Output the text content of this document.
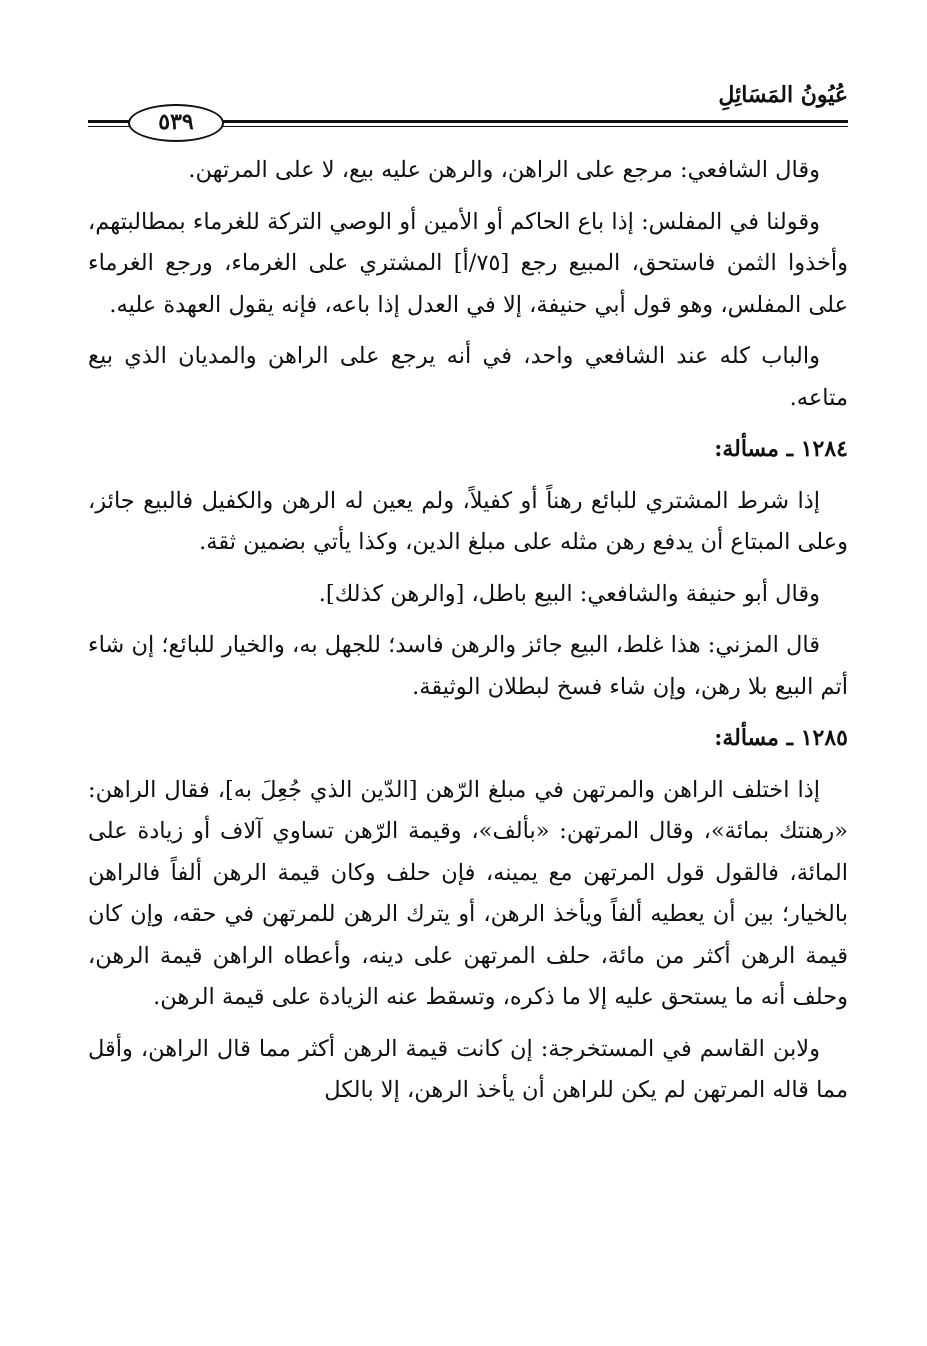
٥٣٩
عُيُونُ المَسَائِلِ

وقال الشافعي: مرجع على الراهن، والرهن عليه بيع، لا على المرتهن.

وقولنا في المفلس: إذا باع الحاكم أو الأمين أو الوصي التركة للغرماء بمطالبتهم، وأخذوا الثمن فاستحق، المبيع رجع [٧٥/أ] المشتري على الغرماء، ورجع الغرماء على المفلس، وهو قول أبي حنيفة، إلا في العدل إذا باعه، فإنه يقول العهدة عليه.

والباب كله عند الشافعي واحد، في أنه يرجع على الراهن والمديان الذي بيع متاعه.

١٢٨٤ ـ مسألة:

إذا شرط المشتري للبائع رهناً أو كفيلاً، ولم يعين له الرهن والكفيل فالبيع جائز، وعلى المبتاع أن يدفع رهن مثله على مبلغ الدين، وكذا يأتي بضمين ثقة.

وقال أبو حنيفة والشافعي: البيع باطل، [والرهن كذلك].

قال المزني: هذا غلط، البيع جائز والرهن فاسد؛ للجهل به، والخيار للبائع؛ إن شاء أتم البيع بلا رهن، وإن شاء فسخ لبطلان الوثيقة.

١٢٨٥ ـ مسألة:

إذا اختلف الراهن والمرتهن في مبلغ الرّهن [الدّين الذي جُعِلَ به]، فقال الراهن: «رهنتك بمائة»، وقال المرتهن: «بألف»، وقيمة الرّهن تساوي آلاف أو زيادة على المائة، فالقول قول المرتهن مع يمينه، فإن حلف وكان قيمة الرهن ألفاً فالراهن بالخيار؛ بين أن يعطيه ألفاً ويأخذ الرهن، أو يترك الرهن للمرتهن في حقه، وإن كان قيمة الرهن أكثر من مائة، حلف المرتهن على دينه، وأعطاه الراهن قيمة الرهن، وحلف أنه ما يستحق عليه إلا ما ذكره، وتسقط عنه الزيادة على قيمة الرهن.

ولابن القاسم في المستخرجة: إن كانت قيمة الرهن أكثر مما قال الراهن، وأقل مما قاله المرتهن لم يكن للراهن أن يأخذ الرهن، إلا بالكل
